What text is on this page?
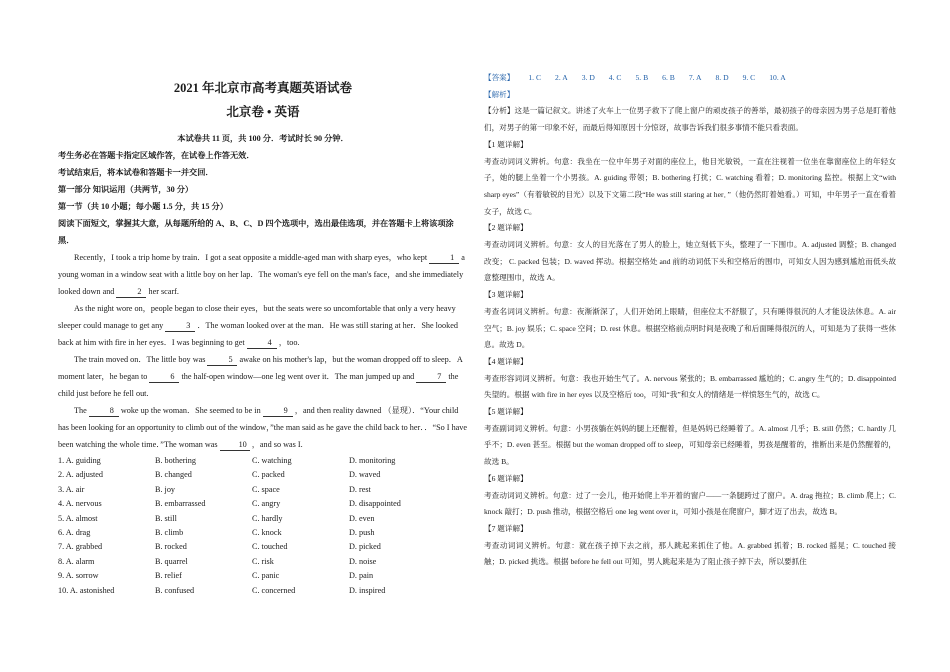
2021 年北京市高考真题英语试卷
北京卷 • 英语

本试卷共 11 页，共 100 分．考试时长 90 分钟．

考生务必在答题卡指定区域作答，在试卷上作答无效．

考试结束后，将本试卷和答题卡一并交回．

第一部分 知识运用（共两节，30 分）

第一节（共 10 小题；每小题 1.5 分，共 15 分）

阅读下面短文，掌握其大意，从每题所给的 A、B、C、D 四个选项中，选出最佳选项，并在答题卡上将该项涂黑．

Recently，I took a trip home by train．I got a seat opposite a middle-aged man with sharp eyes，who kept	1 a young woman in a window seat with a little boy on her lap．The woman's eye fell on the man's face，and she immediately looked down and	2 her scarf.

As the night wore on，people began to close their eyes，but the seats were so uncomfortable that only a very heavy sleeper could manage to get any	3 ．The woman looked over at the man．He was still staring at her．She looked back at him with fire in her eyes．I was beginning to get	4 ，too.

The train moved on．The little boy was	5 awake on his mother's lap，but the woman dropped off to sleep．A moment later，he began to	6 the half-open window—one leg went over it．The man jumped up and	7 the child just before he fell out.

The	8 woke up the woman．She seemed to be in	9 ，and then reality dawned （显现）．“Your child has been looking for an opportunity to climb out of the window，”the man said as he gave the child back to her．．“So I have been watching the whole time．”The woman was	10 ，and so was I.

1. A. guiding	B. bothering	C. watching	D. monitoring
2. A. adjusted	B. changed	C. packed	D. waved
3. A. air	B. joy	C. space	D. rest
4. A. nervous	B. embarrassed	C. angry	D. disappointed
5. A. almost	B. still	C. hardly	D. even
6. A. drag	B. climb	C. knock	D. push
7. A. grabbed	B. rocked	C. touched	D. picked
8. A. alarm	B. quarrel	C. risk	D. noise
9. A. sorrow	B. relief	C. panic	D. pain
10. A. astonished	B. confused	C. concerned	D. inspired

【答案】 1. C 2. A 3. D 4. C 5. B 6. B 7. A 8. D 9. C 10. A

【解析】

【分析】这是一篇记叙文。讲述了火车上一位男子救下了爬上窗户的顽皮孩子的善举，最初孩子的母亲因为男子总是盯着他们，对男子的第一印象不好，而最后得知原因十分惊讶，故事告诉我们很多事情不能只看表面。

【1 题详解】

考查动词词义辨析。句意：我坐在一位中年男子对面的座位上，他目光敏锐，一直在注视着一位坐在靠窗座位上的年轻女子，她的腿上坐着一个小男孩。A. guiding 带领；B. bothering 打扰；C. watching 看着；D. monitoring 监控。根据上文“with sharp eyes”（有着敏锐的目光）以及下文第二段“He was still staring at her．”（他仍然盯着她看。）可知，中年男子一直在看着女子，故选 C。

【2 题详解】

考查动词词义辨析。句意：女人的目光落在了男人的脸上，她立刻低下头，整理了一下围巾。A. adjusted 调整；B. changed 改变； C. packed 包装；D. waved 挥动。根据空格处 and 前的动词低下头和空格后的围巾，可知女人因为感到尴尬而低头故意整理围巾，故选 A。

【3 题详解】

考查名词词义辨析。句意：夜渐渐深了，人们开始闭上眼睛，但座位太不舒服了，只有睡得很沉的人才能设法休息。A. air 空气；B. joy 娱乐；C. space 空间；D. rest 休息。根据空格前点明时间是夜晚了和后面睡得很沉的人，可知是为了获得一些休息。故选 D。

【4 题详解】

考查形容词词义辨析。句意：我也开始生气了。A. nervous 紧张的；B. embarrassed 尴尬的；C. angry 生气的；D. disappointed 失望的。根据 with fire in her eyes 以及空格后 too，可知“我”和女人的情绪是一样愤怒生气的，故选 C。

【5 题详解】

考查副词词义辨析。句意：小男孩躺在妈妈的腿上还醒着，但是妈妈已经睡着了。A. almost 几乎；B. still 仍然；C. hardly 几乎不；D. even 甚至。根据 but the woman dropped off to sleep，可知母亲已经睡着，男孩是醒着的，推断出来是仍然醒着的，故选 B。

【6 题详解】

考查动词词义辨析。句意：过了一会儿，他开始爬上半开着的窗户——一条腿跨过了窗户。A. drag 拖拉；B. climb 爬上；C. knock 敲打；D. push 推动，根据空格后 one leg went over it，可知小孩是在爬窗户，脚才迈了出去，故选 B。

【7 题详解】

考查动词词义辨析。句意：就在孩子掉下去之前，那人跳起来抓住了他。A. grabbed 抓着；B. rocked 摇晃；C. touched 接触；D. picked 挑选。根据 before he fell out 可知，男人跳起来是为了阻止孩子掉下去，所以要抓住
